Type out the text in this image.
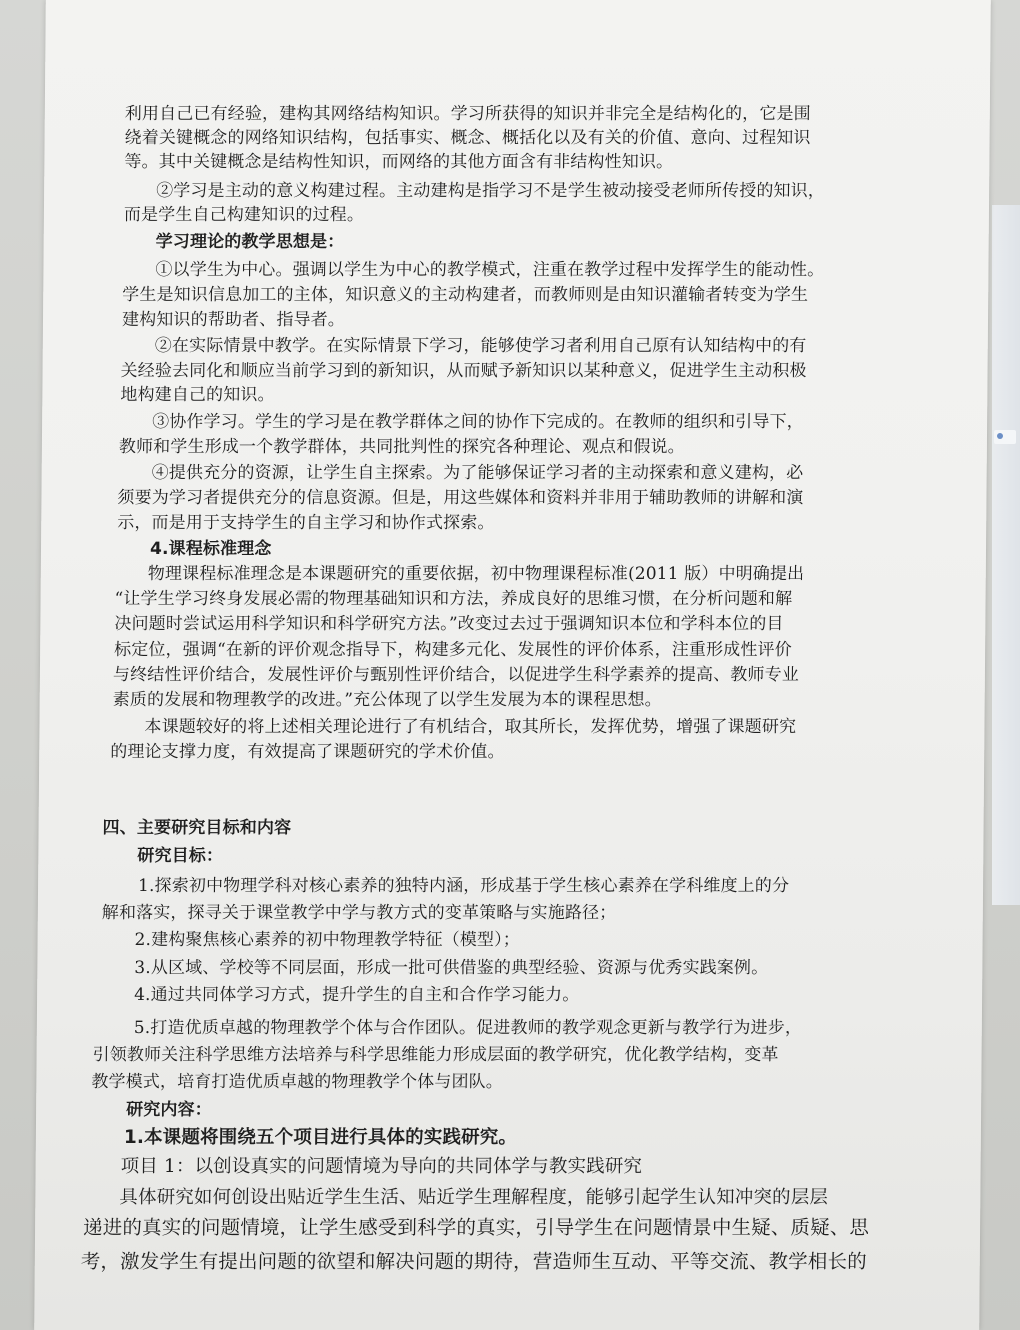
利用自己已有经验，建构其网络结构知识。学习所获得的知识并非完全是结构化的，它是围
绕着关键概念的网络知识结构，包括事实、概念、概括化以及有关的价值、意向、过程知识
等。其中关键概念是结构性知识，而网络的其他方面含有非结构性知识。
②学习是主动的意义构建过程。主动建构是指学习不是学生被动接受老师所传授的知识，
而是学生自己构建知识的过程。
学习理论的教学思想是：
①以学生为中心。强调以学生为中心的教学模式，注重在教学过程中发挥学生的能动性。
学生是知识信息加工的主体，知识意义的主动构建者，而教师则是由知识灌输者转变为学生
建构知识的帮助者、指导者。
②在实际情景中教学。在实际情景下学习，能够使学习者利用自己原有认知结构中的有
关经验去同化和顺应当前学习到的新知识，从而赋予新知识以某种意义，促进学生主动积极
地构建自己的知识。
③协作学习。学生的学习是在教学群体之间的协作下完成的。在教师的组织和引导下，
教师和学生形成一个教学群体，共同批判性的探究各种理论、观点和假说。
④提供充分的资源，让学生自主探索。为了能够保证学习者的主动探索和意义建构，必
须要为学习者提供充分的信息资源。但是，用这些媒体和资料并非用于辅助教师的讲解和演
示，而是用于支持学生的自主学习和协作式探索。
4.课程标准理念
物理课程标准理念是本课题研究的重要依据，初中物理课程标准(2011 版）中明确提出
“让学生学习终身发展必需的物理基础知识和方法，养成良好的思维习惯，在分析问题和解
决问题时尝试运用科学知识和科学研究方法。”改变过去过于强调知识本位和学科本位的目
标定位，强调“在新的评价观念指导下，构建多元化、发展性的评价体系，注重形成性评价
与终结性评价结合，发展性评价与甄别性评价结合，以促进学生科学素养的提高、教师专业
素质的发展和物理教学的改进。”充公体现了以学生发展为本的课程思想。
本课题较好的将上述相关理论进行了有机结合，取其所长，发挥优势，增强了课题研究
的理论支撑力度，有效提高了课题研究的学术价值。
四、主要研究目标和内容
研究目标：
1.探索初中物理学科对核心素养的独特内涵，形成基于学生核心素养在学科维度上的分
解和落实，探寻关于课堂教学中学与教方式的变革策略与实施路径；
2.建构聚焦核心素养的初中物理教学特征（模型）；
3.从区域、学校等不同层面，形成一批可供借鉴的典型经验、资源与优秀实践案例。
4.通过共同体学习方式，提升学生的自主和合作学习能力。
5.打造优质卓越的物理教学个体与合作团队。促进教师的教学观念更新与教学行为进步，
引领教师关注科学思维方法培养与科学思维能力形成层面的教学研究，优化教学结构，变革
教学模式，培育打造优质卓越的物理教学个体与团队。
研究内容：
1.本课题将围绕五个项目进行具体的实践研究。
项目 1：以创设真实的问题情境为导向的共同体学与教实践研究
具体研究如何创设出贴近学生生活、贴近学生理解程度，能够引起学生认知冲突的层层
递进的真实的问题情境，让学生感受到科学的真实，引导学生在问题情景中生疑、质疑、思
考，激发学生有提出问题的欲望和解决问题的期待，营造师生互动、平等交流、教学相长的
